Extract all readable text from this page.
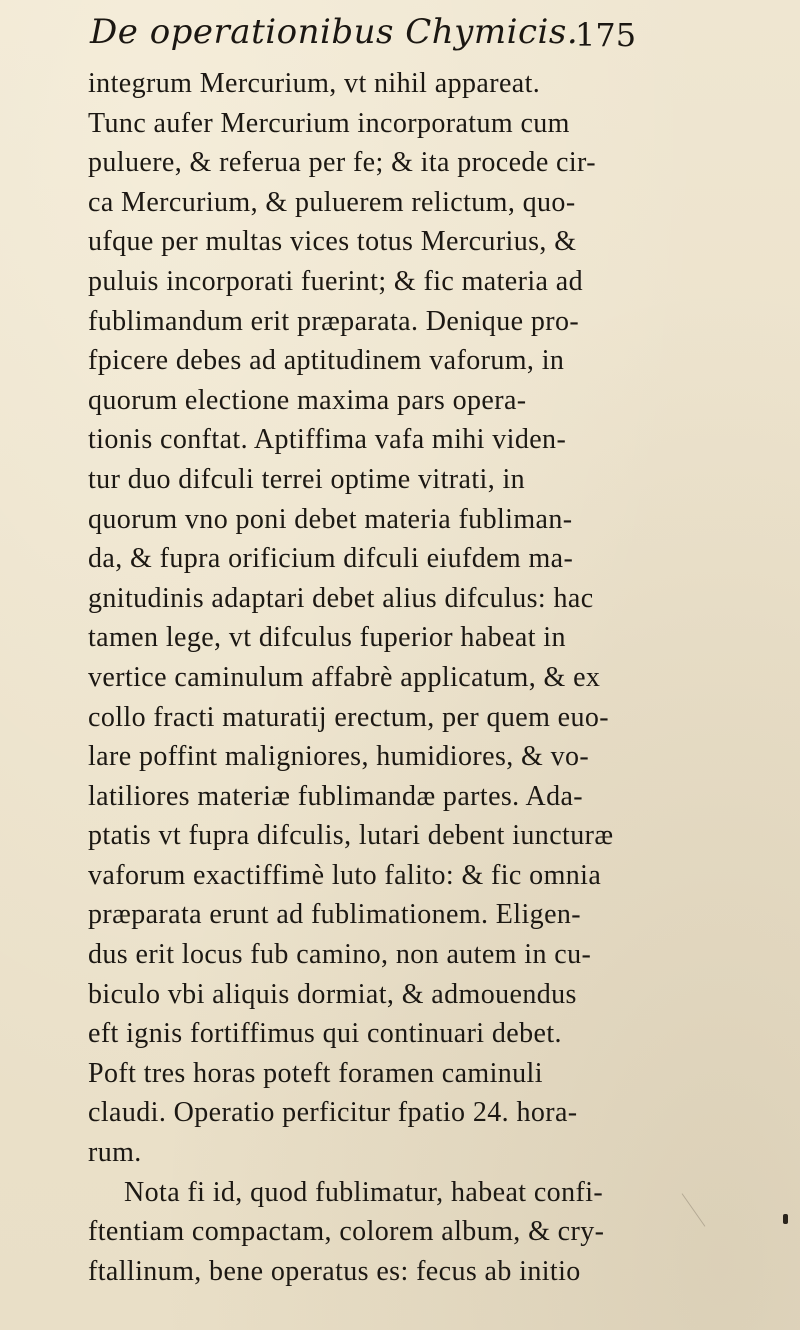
De operationibus Chymicis.
175
integrum Mercurium, vt nihil appareat.
Tunc aufer Mercurium incorporatum cum
puluere, & referua per fe; & ita procede cir-
ca Mercurium, & puluerem relictum, quo-
ufque per multas vices totus Mercurius, &
puluis incorporati fuerint; & fic materia ad
fublimandum erit præparata. Denique pro-
fpicere debes ad aptitudinem vaforum, in
quorum electione maxima pars opera-
tionis conftat. Aptiffima vafa mihi viden-
tur duo difculi terrei optime vitrati, in
quorum vno poni debet materia fubliman-
da, & fupra orificium difculi eiufdem ma-
gnitudinis adaptari debet alius difculus: hac
tamen lege, vt difculus fuperior habeat in
vertice caminulum affabrè applicatum, & ex
collo fracti maturatij erectum, per quem euo-
lare poffint maligniores, humidiores, & vo-
latiliores materiæ fublimandæ partes. Ada-
ptatis vt fupra difculis, lutari debent iuncturæ
vaforum exactiffimè luto falito: & fic omnia
præparata erunt ad fublimationem. Eligen-
dus erit locus fub camino, non autem in cu-
biculo vbi aliquis dormiat, & admouendus
eft ignis fortiffimus qui continuari debet.
Poft tres horas poteft foramen caminuli
claudi. Operatio perficitur fpatio 24. hora-
rum.
Nota fi id, quod fublimatur, habeat confi-
ftentiam compactam, colorem album, & cry-
ftallinum, bene operatus es: fecus ab initio
